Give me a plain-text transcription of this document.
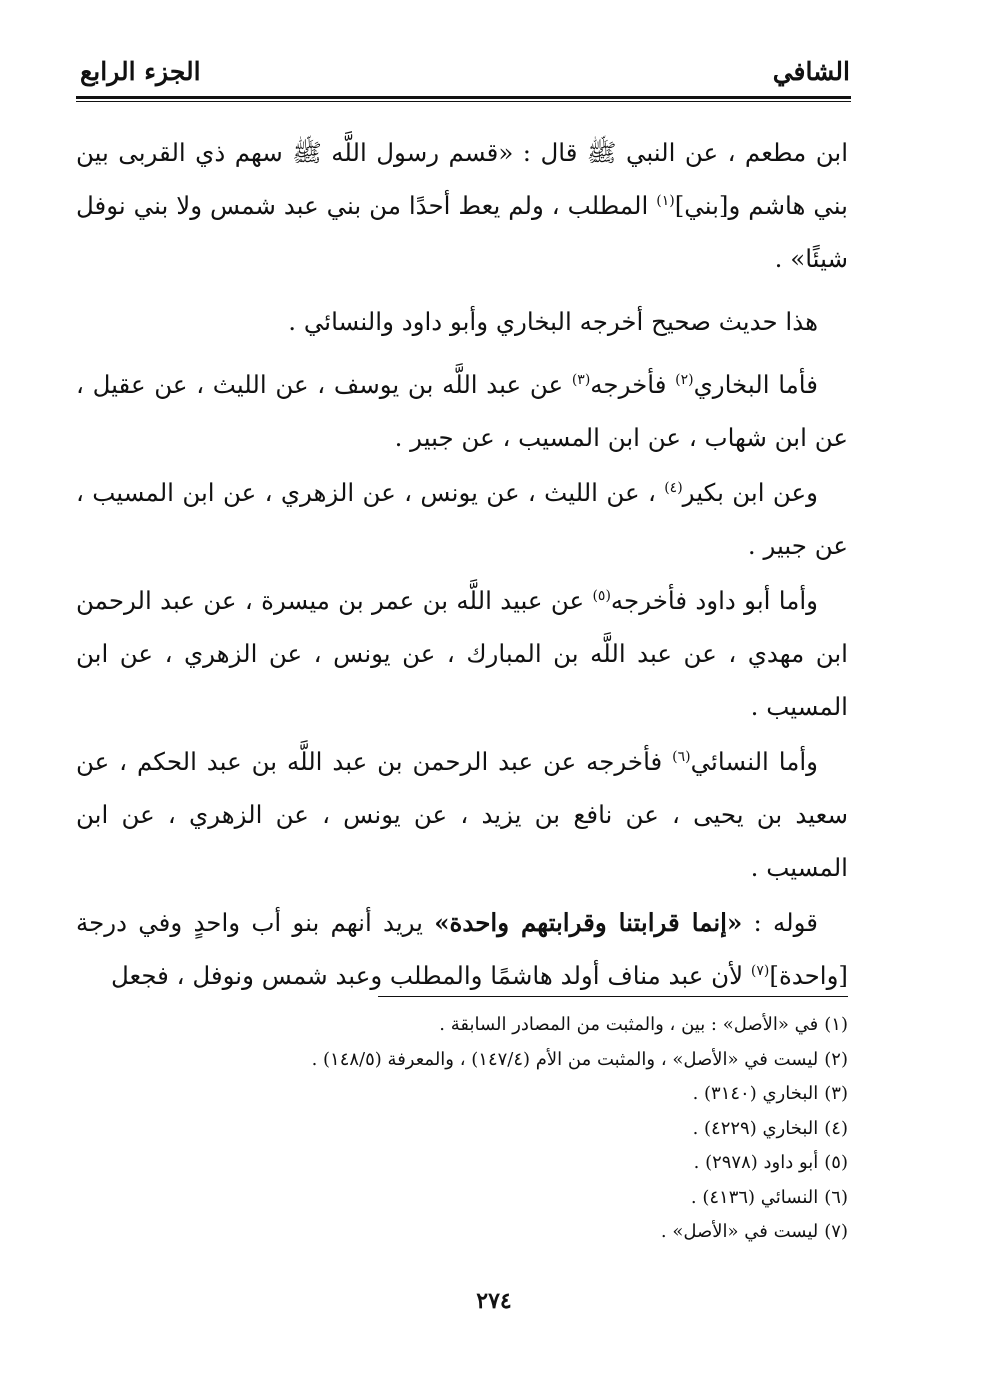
الشافي
الجزء الرابع

ابن مطعم ، عن النبي ﷺ قال : «قسم رسول اللَّه ﷺ سهم ذي القربى بين بني هاشم و[بني]$^{(١)}$ المطلب ، ولم يعط أحدًا من بني عبد شمس ولا بني نوفل شيئًا» .

هذا حديث صحيح أخرجه البخاري وأبو داود والنسائي .

فأما البخاري$^{(٢)}$ فأخرجه$^{(٣)}$ عن عبد اللَّه بن يوسف ، عن الليث ، عن عقيل ، عن ابن شهاب ، عن ابن المسيب ، عن جبير .

وعن ابن بكير$^{(٤)}$ ، عن الليث ، عن يونس ، عن الزهري ، عن ابن المسيب ، عن جبير .

وأما أبو داود فأخرجه$^{(٥)}$ عن عبيد اللَّه بن عمر بن ميسرة ، عن عبد الرحمن ابن مهدي ، عن عبد اللَّه بن المبارك ، عن يونس ، عن الزهري ، عن ابن المسيب .

وأما النسائي$^{(٦)}$ فأخرجه عن عبد الرحمن بن عبد اللَّه بن عبد الحكم ، عن سعيد بن يحيى ، عن نافع بن يزيد ، عن يونس ، عن الزهري ، عن ابن المسيب .

قوله : «إنما قرابتنا وقرابتهم واحدة» يريد أنهم بنو أب واحدٍ وفي درجة [واحدة]$^{(٧)}$ لأن عبد مناف أولد هاشمًا والمطلب وعبد شمس ونوفل ، فجعل

(١)في «الأصل» : بين ، والمثبت من المصادر السابقة .
(٢)ليست في «الأصل» ، والمثبت من الأم (١٤٧/٤) ، والمعرفة (١٤٨/٥) .
(٣)البخاري (٣١٤٠) .
(٤)البخاري (٤٢٢٩) .
(٥)أبو داود (٢٩٧٨) .
(٦)النسائي (٤١٣٦) .
(٧)ليست في «الأصل» .
٢٧٤
